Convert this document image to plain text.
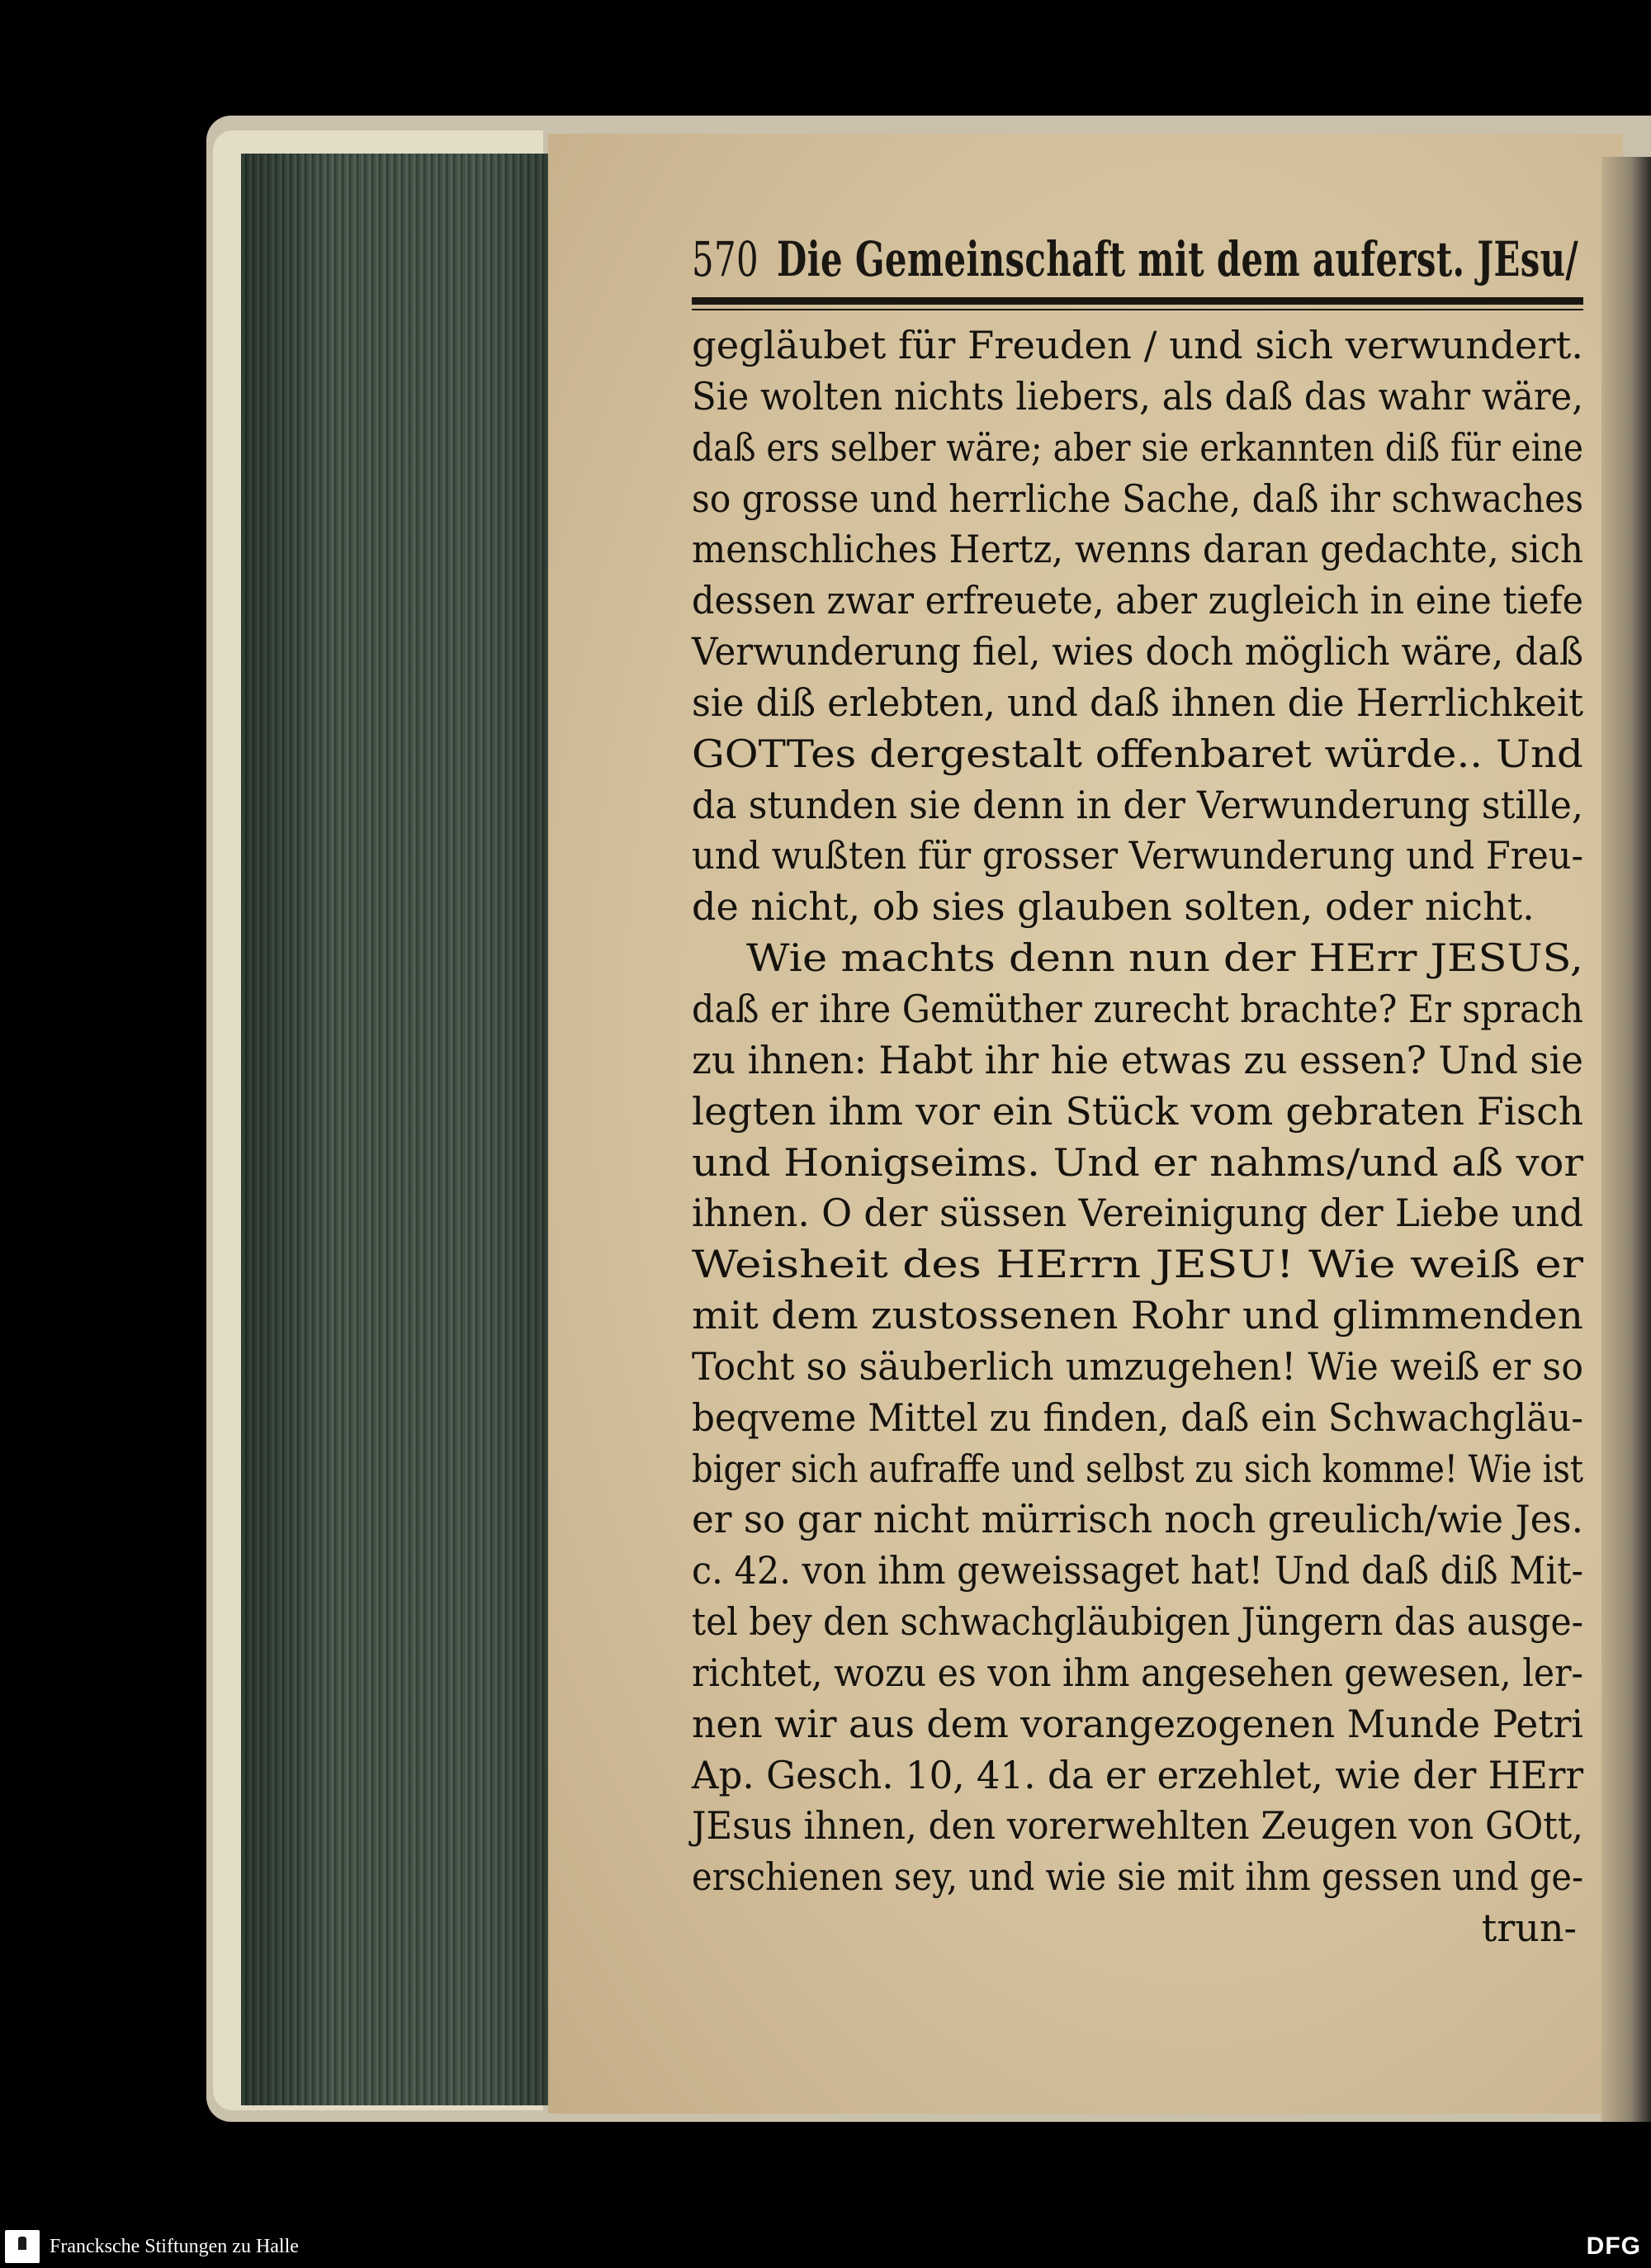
570 Die Gemeinschaft mit dem auferst. JEsu/
gegläubet für Freuden / und sich verwundert.
Sie wolten nichts liebers, als daß das wahr wäre,
daß ers selber wäre; aber sie erkannten diß für eine
so grosse und herrliche Sache, daß ihr schwaches
menschliches Hertz, wenns daran gedachte, sich
dessen zwar erfreuete, aber zugleich in eine tiefe
Verwunderung fiel, wies doch möglich wäre, daß
sie diß erlebten, und daß ihnen die Herrlichkeit
GOTTes dergestalt offenbaret würde.. Und
da stunden sie denn in der Verwunderung stille,
und wußten für grosser Verwunderung und Freu-
de nicht, ob sies glauben solten, oder nicht.
Wie machts denn nun der HErr JESUS,
daß er ihre Gemüther zurecht brachte? Er sprach
zu ihnen: Habt ihr hie etwas zu essen? Und sie
legten ihm vor ein Stück vom gebraten Fisch
und Honigseims. Und er nahms/und aß vor
ihnen. O der süssen Vereinigung der Liebe und
Weisheit des HErrn JESU! Wie weiß er
mit dem zustossenen Rohr und glimmenden
Tocht so säuberlich umzugehen! Wie weiß er so
beqveme Mittel zu finden, daß ein Schwachgläu-
biger sich aufraffe und selbst zu sich komme! Wie ist
er so gar nicht mürrisch noch greulich/wie Jes.
c. 42. von ihm geweissaget hat! Und daß diß Mit-
tel bey den schwachgläubigen Jüngern das ausge-
richtet, wozu es von ihm angesehen gewesen, ler-
nen wir aus dem vorangezogenen Munde Petri
Ap. Gesch. 10, 41. da er erzehlet, wie der HErr
JEsus ihnen, den vorerwehlten Zeugen von GOtt,
erschienen sey, und wie sie mit ihm gessen und ge-
trun-
Francksche Stiftungen zu Halle	DFG
